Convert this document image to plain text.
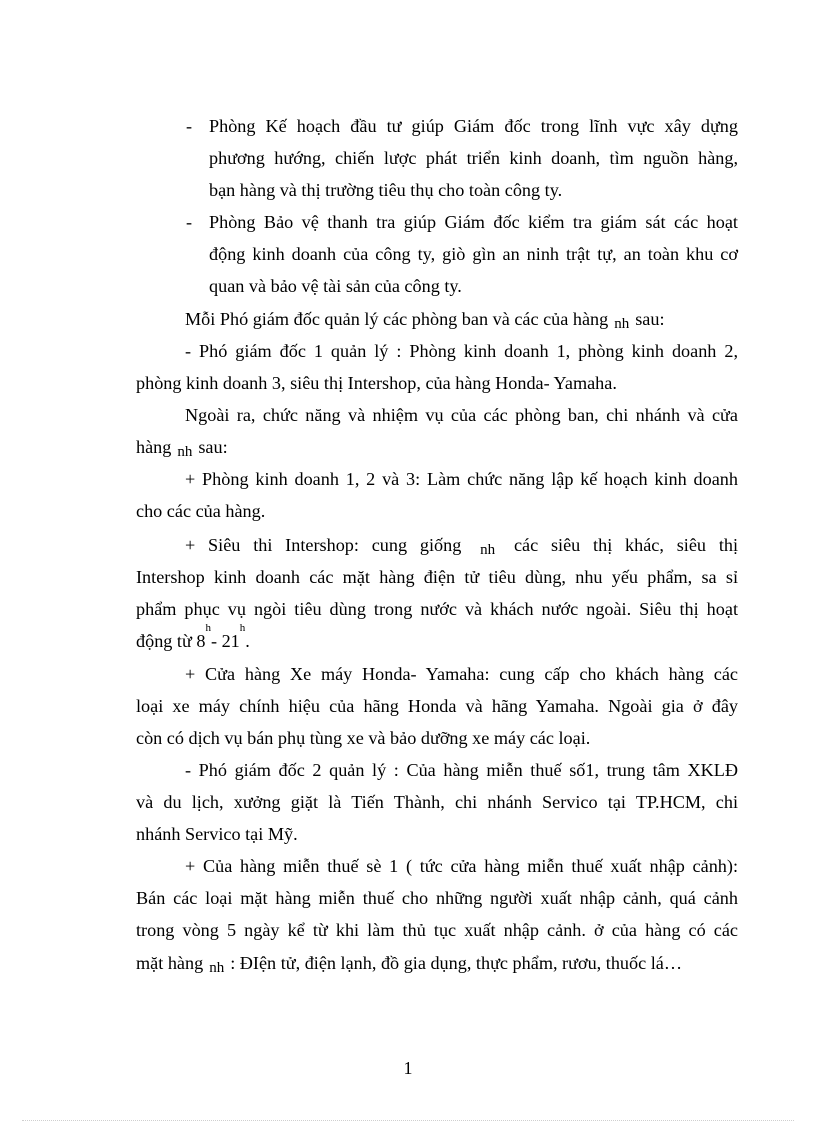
- Phòng Kế hoạch đầu tư giúp Giám đốc trong lĩnh vực xây dựng
phương hướng, chiến lược phát triển kinh doanh, tìm nguồn hàng,
bạn hàng và thị trường tiêu thụ cho toàn công ty.
- Phòng Bảo vệ thanh tra giúp Giám đốc kiểm tra giám sát các hoạt
động kinh doanh của công ty, giò gìn an ninh trật tự, an toàn khu cơ
quan và bảo vệ tài sản của công ty.
Mỗi Phó giám đốc quản lý các phòng ban và các của hàng nh sau:
- Phó giám đốc 1 quản lý : Phòng kinh doanh 1, phòng kinh doanh 2,
phòng kinh doanh 3, siêu thị Intershop, của hàng Honda- Yamaha.
Ngoài ra, chức năng và nhiệm vụ của các phòng ban, chi nhánh và cửa
hàng nh sau:
+ Phòng kinh doanh 1, 2 và 3: Làm chức năng lập kế hoạch kinh doanh
cho các của hàng.
+ Siêu thi Intershop: cung giống nh các siêu thị khác, siêu thị
Intershop kinh doanh các mặt hàng điện tử tiêu dùng, nhu yếu phẩm, sa sỉ
phẩm phục vụ ngòi tiêu dùng trong nước và khách nước ngoài. Siêu thị hoạt
động từ 8$^h$- $21^h$.
+ Cửa hàng Xe máy Honda- Yamaha: cung cấp cho khách hàng các
loại xe máy chính hiệu của hãng Honda và hãng Yamaha. Ngoài gia ở đây
còn có dịch vụ bán phụ tùng xe và bảo dưỡng xe máy các loại.
- Phó giám đốc 2 quản lý : Của hàng miễn thuế số1, trung tâm XKLĐ
và du lịch, xưởng giặt là Tiến Thành, chi nhánh Servico tại TP.HCM, chi
nhánh Servico tại Mỹ.
+ Của hàng miễn thuế sè 1 ( tức cửa hàng miễn thuế xuất nhập cảnh):
Bán các loại mặt hàng miễn thuế cho những người xuất nhập cảnh, quá cảnh
trong vòng 5 ngày kể từ khi làm thủ tục xuất nhập cảnh. ở của hàng có các
mặt hàng nh : ĐIện tử, điện lạnh, đồ gia dụng, thực phẩm, rươu, thuốc lá…
1
